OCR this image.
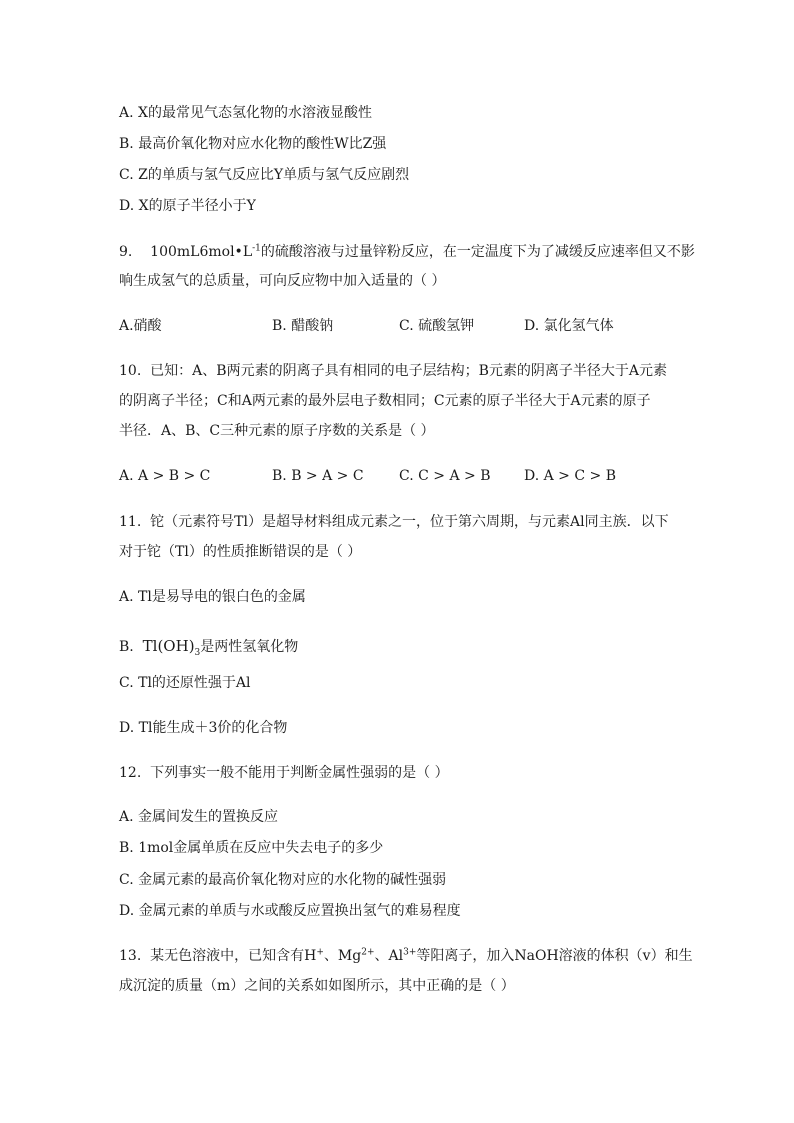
A. X的最常见气态氢化物的水溶液显酸性
B. 最高价氧化物对应水化物的酸性W比Z强
C. Z的单质与氢气反应比Y单质与氢气反应剧烈
D. X的原子半径小于Y
9. $100mL6mol•L^{-1}$的硫酸溶液与过量锌粉反应，在一定温度下为了减缓反应速率但又不影
响生成氢气的总质量，可向反应物中加入适量的（ ）
A.硝酸	B. 醋酸钠	C. 硫酸氢钾	D. 氯化氢气体
10. 已知：A、B两元素的阴离子具有相同的电子层结构；B元素的阴离子半径大于A元素
的阴离子半径；C和A两元素的最外层电子数相同；C元素的原子半径大于A元素的原子
半径．A、B、C三种元素的原子序数的关系是（ ）
A. A > B > C	B. B > A > C	C. C > A > B D. A > C > B
11. 铊（元素符号Tl）是超导材料组成元素之一，位于第六周期，与元素Al同主族．以下
对于铊（Tl）的性质推断错误的是（ ）
A. Tl是易导电的银白色的金属
B. $Tl(OH)_3$是两性氢氧化物
C. Tl的还原性强于Al
D. Tl能生成＋3价的化合物
12. 下列事实一般不能用于判断金属性强弱的是（ ）
A. 金属间发生的置换反应
B. 1mol金属单质在反应中失去电子的多少
C. 金属元素的最高价氧化物对应的水化物的碱性强弱
D. 金属元素的单质与水或酸反应置换出氢气的难易程度
13. 某无色溶液中，已知含有H+、$Mg^{2+}$、$Al^{3+}$等阳离子，加入NaOH溶液的体积（v）和生
成沉淀的质量（m）之间的关系如如图所示，其中正确的是（ ）
